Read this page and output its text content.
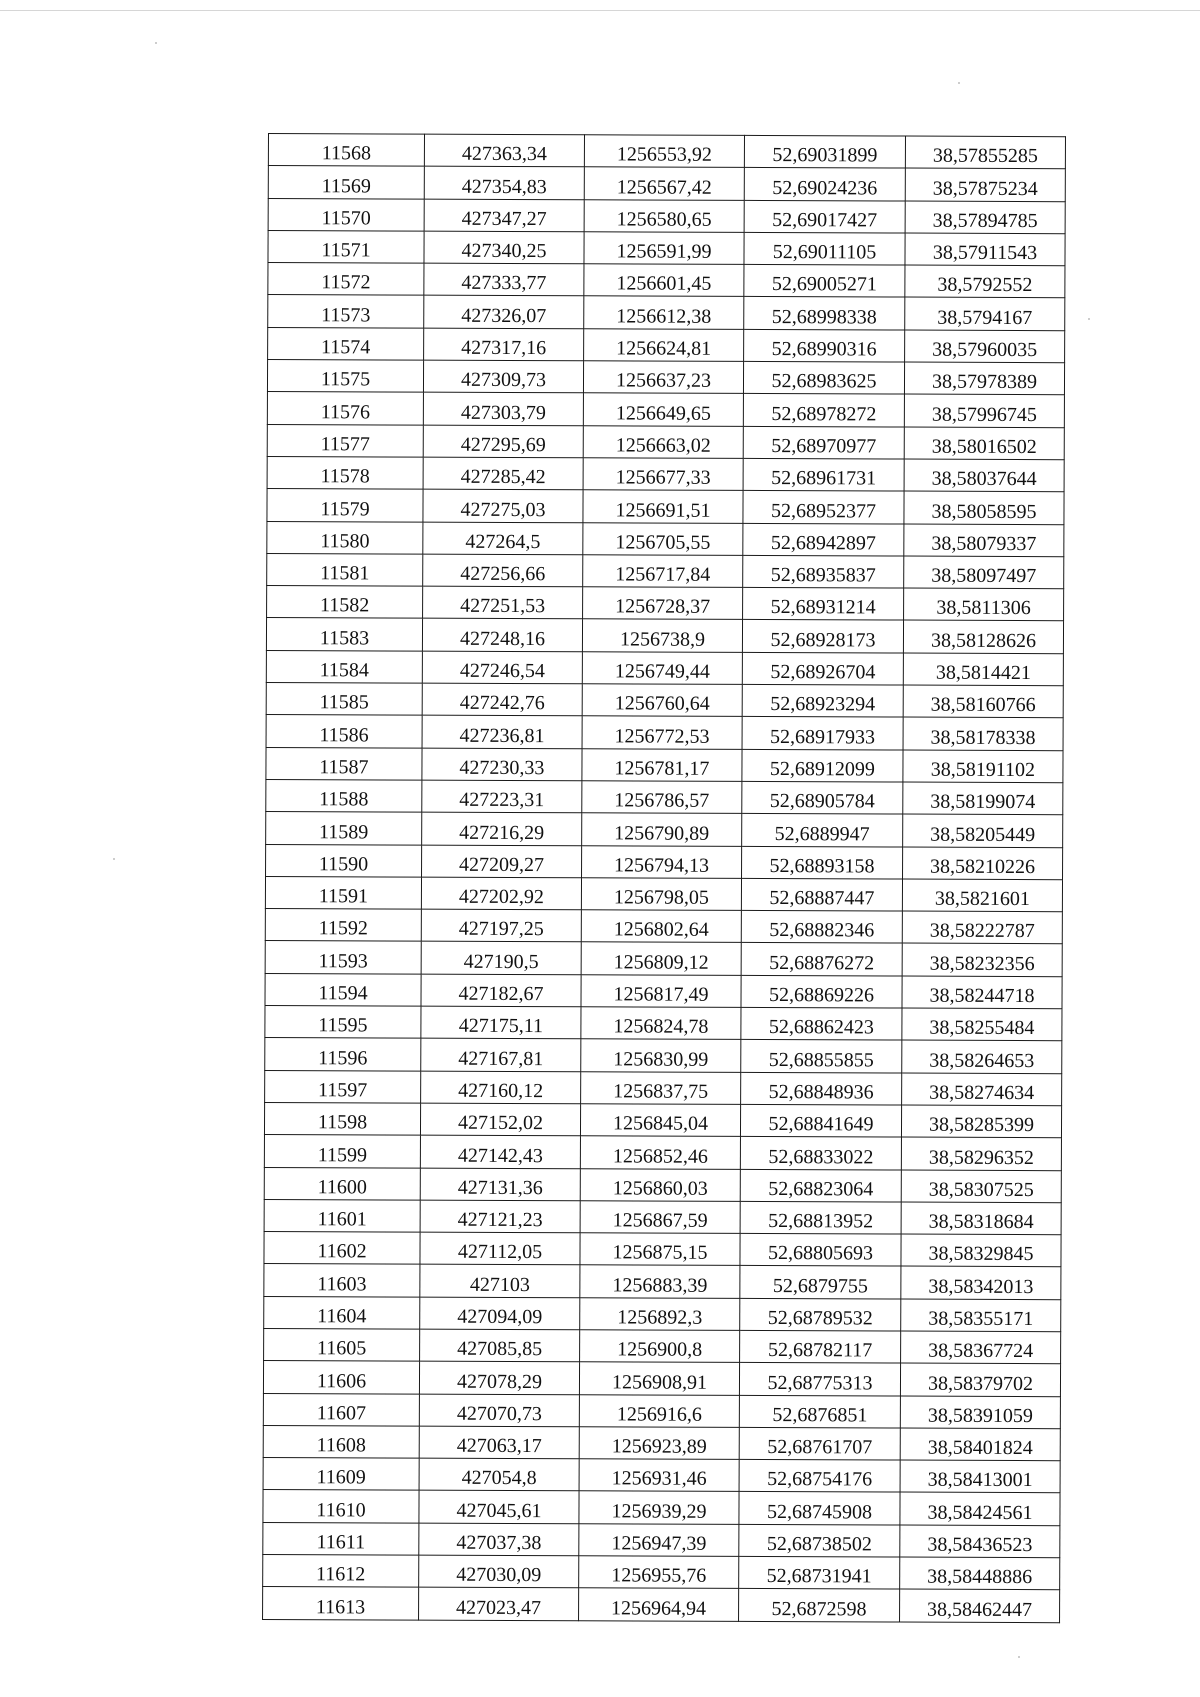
11568	427363,34	1256553,92	52,69031899	38,57855285
11569	427354,83	1256567,42	52,69024236	38,57875234
11570	427347,27	1256580,65	52,69017427	38,57894785
11571	427340,25	1256591,99	52,69011105	38,57911543
11572	427333,77	1256601,45	52,69005271	38,5792552
11573	427326,07	1256612,38	52,68998338	38,5794167
11574	427317,16	1256624,81	52,68990316	38,57960035
11575	427309,73	1256637,23	52,68983625	38,57978389
11576	427303,79	1256649,65	52,68978272	38,57996745
11577	427295,69	1256663,02	52,68970977	38,58016502
11578	427285,42	1256677,33	52,68961731	38,58037644
11579	427275,03	1256691,51	52,68952377	38,58058595
11580	427264,5	1256705,55	52,68942897	38,58079337
11581	427256,66	1256717,84	52,68935837	38,58097497
11582	427251,53	1256728,37	52,68931214	38,5811306
11583	427248,16	1256738,9	52,68928173	38,58128626
11584	427246,54	1256749,44	52,68926704	38,5814421
11585	427242,76	1256760,64	52,68923294	38,58160766
11586	427236,81	1256772,53	52,68917933	38,58178338
11587	427230,33	1256781,17	52,68912099	38,58191102
11588	427223,31	1256786,57	52,68905784	38,58199074
11589	427216,29	1256790,89	52,6889947	38,58205449
11590	427209,27	1256794,13	52,68893158	38,58210226
11591	427202,92	1256798,05	52,68887447	38,5821601
11592	427197,25	1256802,64	52,68882346	38,58222787
11593	427190,5	1256809,12	52,68876272	38,58232356
11594	427182,67	1256817,49	52,68869226	38,58244718
11595	427175,11	1256824,78	52,68862423	38,58255484
11596	427167,81	1256830,99	52,68855855	38,58264653
11597	427160,12	1256837,75	52,68848936	38,58274634
11598	427152,02	1256845,04	52,68841649	38,58285399
11599	427142,43	1256852,46	52,68833022	38,58296352
11600	427131,36	1256860,03	52,68823064	38,58307525
11601	427121,23	1256867,59	52,68813952	38,58318684
11602	427112,05	1256875,15	52,68805693	38,58329845
11603	427103	1256883,39	52,6879755	38,58342013
11604	427094,09	1256892,3	52,68789532	38,58355171
11605	427085,85	1256900,8	52,68782117	38,58367724
11606	427078,29	1256908,91	52,68775313	38,58379702
11607	427070,73	1256916,6	52,6876851	38,58391059
11608	427063,17	1256923,89	52,68761707	38,58401824
11609	427054,8	1256931,46	52,68754176	38,58413001
11610	427045,61	1256939,29	52,68745908	38,58424561
11611	427037,38	1256947,39	52,68738502	38,58436523
11612	427030,09	1256955,76	52,68731941	38,58448886
11613	427023,47	1256964,94	52,6872598	38,58462447
